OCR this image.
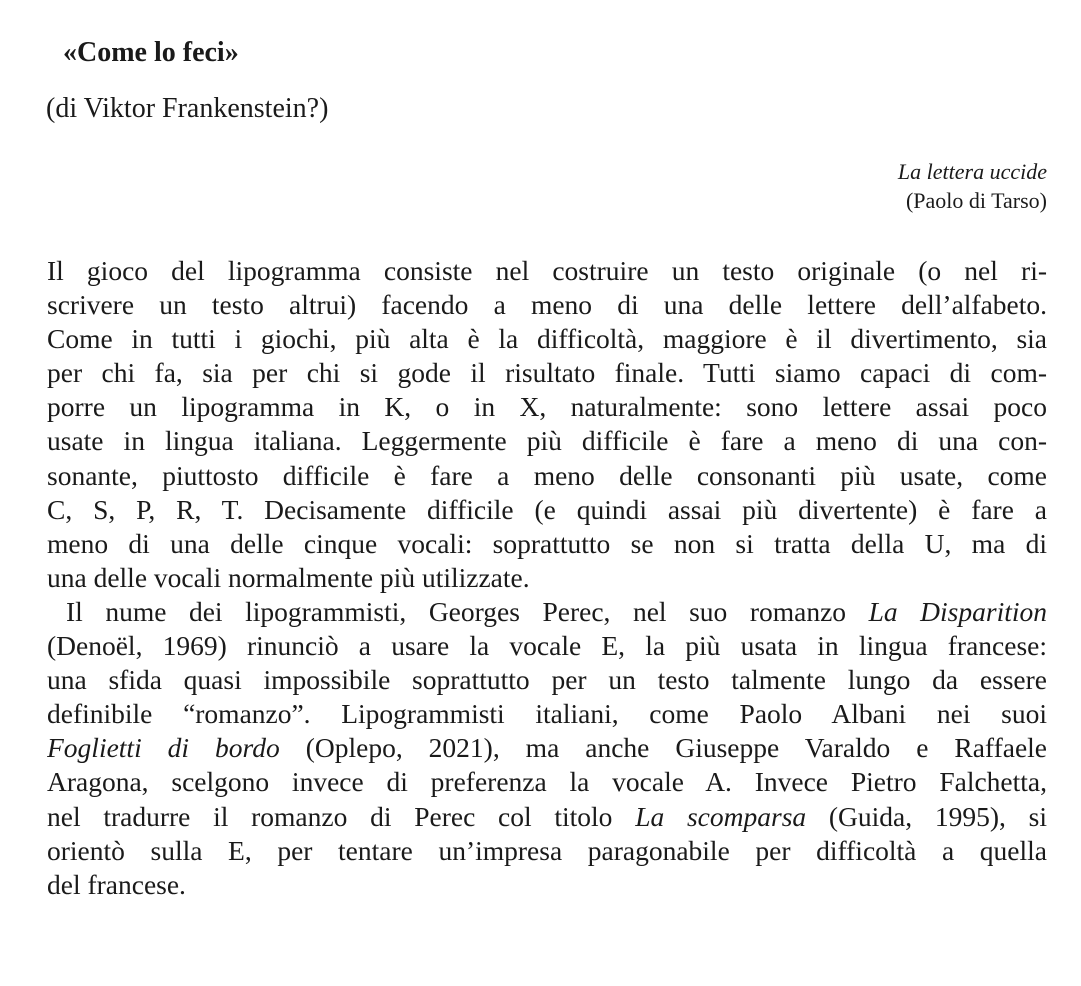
«Come lo feci»
(di Viktor Frankenstein?)
La lettera uccide
(Paolo di Tarso)
Il gioco del lipogramma consiste nel costruire un testo originale (o nel ri-
scrivere un testo altrui) facendo a meno di una delle lettere dell’alfabeto.
Come in tutti i giochi, più alta è la difficoltà, maggiore è il divertimento, sia
per chi fa, sia per chi si gode il risultato finale. Tutti siamo capaci di com-
porre un lipogramma in K, o in X, naturalmente: sono lettere assai poco
usate in lingua italiana. Leggermente più difficile è fare a meno di una con-
sonante, piuttosto difficile è fare a meno delle consonanti più usate, come
C, S, P, R, T. Decisamente difficile (e quindi assai più divertente) è fare a
meno di una delle cinque vocali: soprattutto se non si tratta della U, ma di
una delle vocali normalmente più utilizzate.
Il nume dei lipogrammisti, Georges Perec, nel suo romanzo La Disparition
(Denoël, 1969) rinunciò a usare la vocale E, la più usata in lingua francese:
una sfida quasi impossibile soprattutto per un testo talmente lungo da essere
definibile “romanzo”. Lipogrammisti italiani, come Paolo Albani nei suoi
Foglietti di bordo (Oplepo, 2021), ma anche Giuseppe Varaldo e Raffaele
Aragona, scelgono invece di preferenza la vocale A. Invece Pietro Falchetta,
nel tradurre il romanzo di Perec col titolo La scomparsa (Guida, 1995), si
orientò sulla E, per tentare un’impresa paragonabile per difficoltà a quella
del francese.
